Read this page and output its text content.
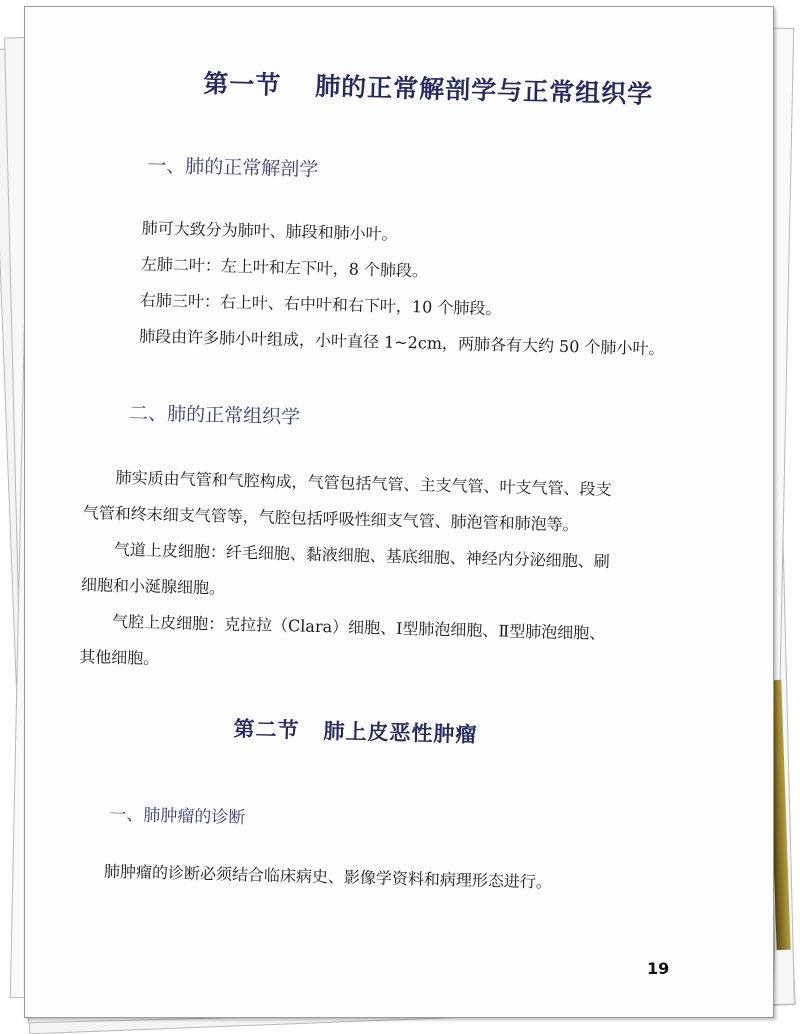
第一节 肺的正常解剖学与正常组织学
一、肺的正常解剖学
肺可大致分为肺叶、肺段和肺小叶。
左肺二叶：左上叶和左下叶，8 个肺段。
右肺三叶：右上叶、右中叶和右下叶，10 个肺段。
肺段由许多肺小叶组成，小叶直径 1~2cm，两肺各有大约 50 个肺小叶。
二、肺的正常组织学
肺实质由气管和气腔构成，气管包括气管、主支气管、叶支气管、段支
气管和终末细支气管等，气腔包括呼吸性细支气管、肺泡管和肺泡等。
气道上皮细胞：纤毛细胞、黏液细胞、基底细胞、神经内分泌细胞、刷
细胞和小涎腺细胞。
气腔上皮细胞：克拉拉（Clara）细胞、Ⅰ型肺泡细胞、Ⅱ型肺泡细胞、
其他细胞。
第二节 肺上皮恶性肿瘤
一、肺肿瘤的诊断
肺肿瘤的诊断必须结合临床病史、影像学资料和病理形态进行。
19
